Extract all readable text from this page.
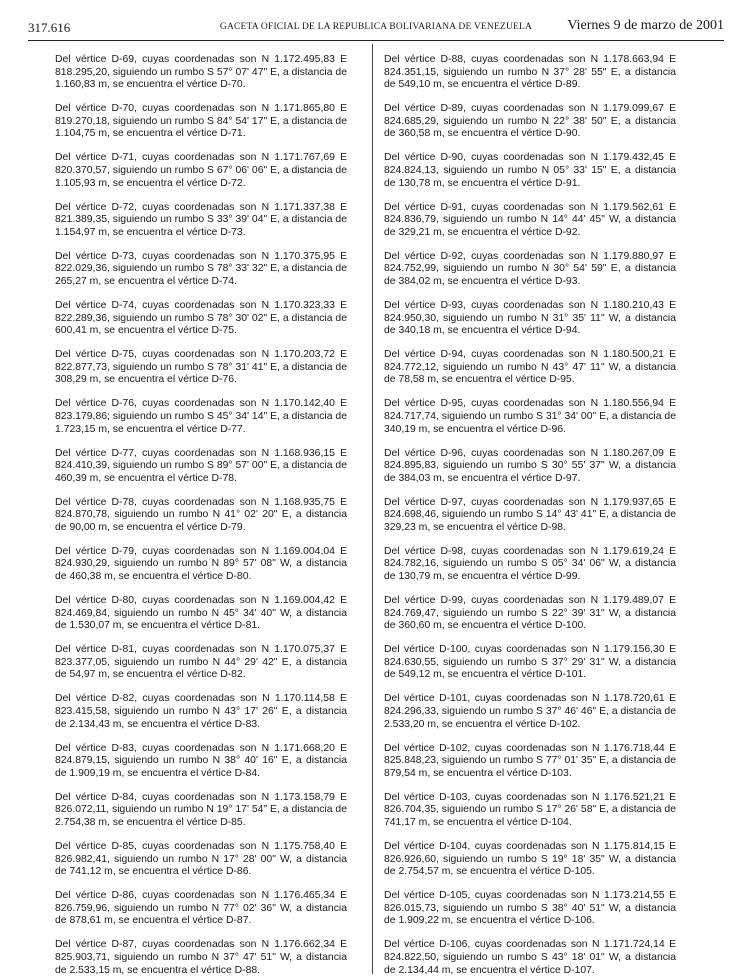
317.616	GACETA OFICIAL DE LA REPUBLICA BOLIVARIANA DE VENEZUELA	Viernes 9 de marzo de 2001

Del vértice D-69, cuyas coordenadas son N 1.172.495,83 E 818.295,20, siguiendo un rumbo S 57° 07' 47" E, a distancia de 1.160,83 m, se encuentra el vértice D-70.

Del vértice D-70, cuyas coordenadas son N 1.171.865,80 E 819.270,18, siguiendo un rumbo S 84° 54' 17" E, a distancia de 1.104,75 m, se encuentra el vértice D-71.

Del vértice D-71, cuyas coordenadas son N 1.171.767,69 E 820.370,57, siguiendo un rumbo S 67° 06' 06" E, a distancia de 1.105,93 m, se encuentra el vértice D-72.

Del vértice D-72, cuyas coordenadas son N 1.171.337,38 E 821.389,35, siguiendo un rumbo S 33° 39' 04" E, a distancia de 1.154,97 m, se encuentra el vértice D-73.

Del vértice D-73, cuyas coordenadas son N 1.170.375,95 E 822.029,36, siguiendo un rumbo S 78° 33' 32" E, a distancia de 265,27 m, se encuentra el vértice D-74.

Del vértice D-74, cuyas coordenadas son N 1.170.323,33 E 822.289,36, siguiendo un rumbo S 78° 30' 02" E, a distancia de 600,41 m, se encuentra el vértice D-75.

Del vértice D-75, cuyas coordenadas son N 1.170.203,72 E 822.877,73, siguiendo un rumbo S 78° 31' 41" E, a distancia de 308,29 m, se encuentra el vértice D-76.

Del vértice D-76, cuyas coordenadas son N 1.170.142,40 E 823.179,86; siguiendo un rumbo S 45° 34' 14" E, a distancia de 1.723,15 m, se encuentra el vértice D-77.

Del vértice D-77, cuyas coordenadas son N 1.168.936,15 E 824.410,39, siguiendo un rumbo S 89° 57' 00" E, a distancia de 460,39 m, se encuentra el vértice D-78.

Del vértice D-78, cuyas coordenadas son N 1.168.935,75 E 824.870,78, siguiendo un rumbo N 41° 02' 20" E, a distancia de 90,00 m, se encuentra el vértice D-79.

Del vértice D-79, cuyas coordenadas son N 1.169.004,04 E 824.930,29, siguiendo un rumbo N 89° 57' 08" W, a distancia de 460,38 m, se encuentra el vértice D-80.

Del vértice D-80, cuyas coordenadas son N 1.169.004,42 E 824.469,84, siguiendo un rumbo N 45° 34' 40" W, a distancia de 1.530,07 m, se encuentra el vértice D-81.

Del vértice D-81, cuyas coordenadas son N 1.170.075,37 E 823.377,05, siguiendo un rumbo N 44° 29' 42" E, a distancia de 54,97 m, se encuentra el vértice D-82.

Del vértice D-82, cuyas coordenadas son N 1.170.114,58 E 823.415,58, siguiendo un rumbo N 43° 17' 26" E, a distancia de 2.134,43 m, se encuentra el vértice D-83.

Del vértice D-83, cuyas coordenadas son N 1.171.668,20 E 824.879,15, siguiendo un rumbo N 38° 40' 16" E, a distancia de 1.909,19 m, se encuentra el vértice D-84.

Del vértice D-84, cuyas coordenadas son N 1.173.158,79 E 826.072,11, siguiendo un rumbo N 19° 17' 54" E, a distancia de 2.754,38 m, se encuentra el vértice D-85.

Del vértice D-85, cuyas coordenadas son N 1.175.758,40 E 826.982,41, siguiendo un rumbo N 17° 28' 00" W, a distancia de 741,12 m, se encuentra el vértice D-86.

Del vértice D-86, cuyas coordenadas son N 1.176.465,34 E 826.759,96, siguiendo un rumbo N 77° 02' 36" W, a distancia de 878,61 m, se encuentra el vértice D-87.

Del vértice D-87, cuyas coordenadas son N 1.176.662,34 E 825.903,71, siguiendo un rumbo N 37° 47' 51" W, a distancia de 2.533,15 m, se encuentra el vértice D-88.

Del vértice D-88, cuyas coordenadas son N 1.178.663,94 E 824.351,15, siguiendo un rumbo N 37° 28' 55" E, a distancia de 549,10 m, se encuentra el vértice D-89.

Del vértice D-89, cuyas coordenadas son N 1.179.099,67 E 824.685,29, siguiendo un rumbo N 22° 38' 50" E, a distancia de 360,58 m, se encuentra el vértice D-90.

Del vértice D-90, cuyas coordenadas son N 1.179.432,45 E 824.824,13, siguiendo un rumbo N 05° 33' 15" E, a distancia de 130,78 m, se encuentra el vértice D-91.

Del vértice D-91, cuyas coordenadas son N 1.179.562,61 E 824.836,79, siguiendo un rumbo N 14° 44' 45" W, a distancia de 329,21 m, se encuentra el vértice D-92.

Del vértice D-92, cuyas coordenadas son N 1.179.880,97 E 824.752,99, siguiendo un rumbo N 30° 54' 59" E, a distancia de 384,02 m, se encuentra el vértice D-93.

Del vértice D-93, cuyas coordenadas son N 1.180.210,43 E 824.950,30, siguiendo un rumbo N 31° 35' 11" W, a distancia de 340,18 m, se encuentra el vértice D-94.

Del vértice D-94, cuyas coordenadas son N 1.180.500,21 E 824.772,12, siguiendo un rumbo N 43° 47' 11" W, a distancia de 78,58 m, se encuentra el vértice D-95.

Del vértice D-95, cuyas coordenadas son N 1.180.556,94 E 824.717,74, siguiendo un rumbo S 31° 34' 00" E, a distancia de 340,19 m, se encuentra el vértice D-96.

Del vértice D-96, cuyas coordenadas son N 1.180.267,09 E 824.895,83, siguiendo un rumbo S 30° 55' 37" W, a distancia de 384,03 m, se encuentra el vértice D-97.

Del vértice D-97, cuyas coordenadas son N 1.179.937,65 E 824.698,46, siguiendo un rumbo S 14° 43' 41" E, a distancia de 329,23 m, se encuentra el vértice D-98.

Del vértice D-98, cuyas coordenadas son N 1.179.619,24 E 824.782,16, siguiendo un rumbo S 05° 34' 06" W, a distancia de 130,79 m, se encuentra el vértice D-99.

Del vértice D-99, cuyas coordenadas son N 1.179.489,07 E 824.769,47, siguiendo un rumbo S 22° 39' 31" W, a distancia de 360,60 m, se encuentra el vértice D-100.

Del vértice D-100, cuyas coordenadas son N 1.179.156,30 E 824.630,55, siguiendo un rumbo S 37° 29' 31" W, a distancia de 549,12 m, se encuentra el vértice D-101.

Del vértice D-101, cuyas coordenadas son N 1.178.720,61 E 824.296,33, siguiendo un rumbo S 37° 46' 46" E, a distancia de 2.533,20 m, se encuentra el vértice D-102.

Del vértice D-102, cuyas coordenadas son N 1.176.718,44 E 825.848,23, siguiendo un rumbo S 77° 01' 35" E, a distancia de 879,54 m, se encuentra el vértice D-103.

Del vértice D-103, cuyas coordenadas son N 1.176.521,21 E 826.704,35, siguiendo un rumbo S 17° 26' 58" E, a distancia de 741,17 m, se encuentra el vértice D-104.

Del vértice D-104, cuyas coordenadas son N 1.175.814,15 E 826.926,60, siguiendo un rumbo S 19° 18' 35" W, a distancia de 2.754,57 m, se encuentra el vértice D-105.

Del vértice D-105, cuyas coordenadas son N 1.173.214,55 E 826.015,73, siguiendo un rumbo S 38° 40' 51" W, a distancia de 1.909,22 m, se encuentra el vértice D-106.

Del vértice D-106, cuyas coordenadas son N 1.171.724,14 E 824.822,50, siguiendo un rumbo S 43° 18' 01" W, a distancia de 2.134,44 m, se encuentra el vértice D-107.
